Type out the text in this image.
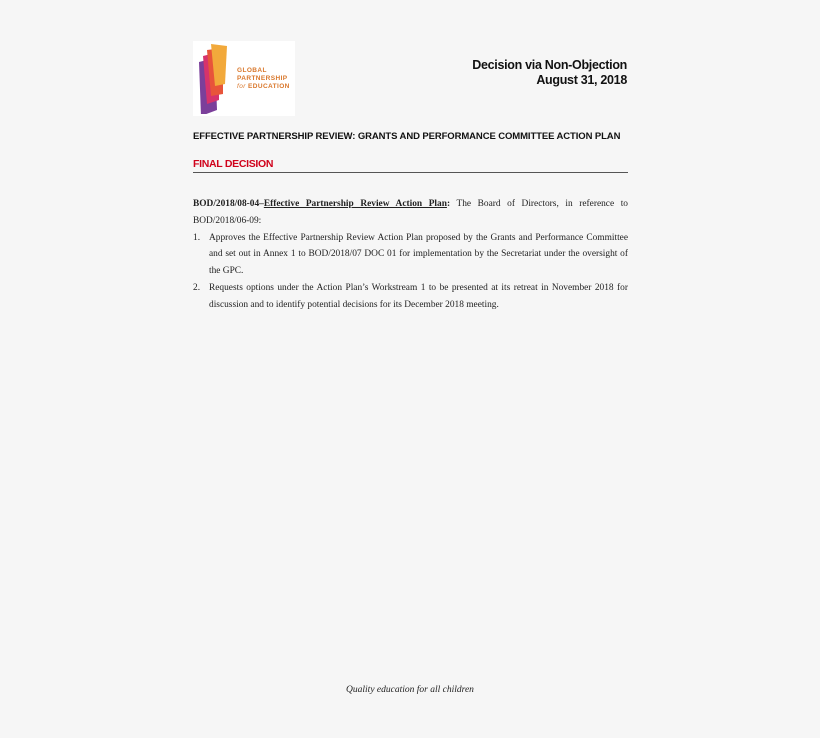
GLOBAL
PARTNERSHIP
for EDUCATION
Decision via Non-Objection
August 31, 2018
EFFECTIVE PARTNERSHIP REVIEW: GRANTS AND PERFORMANCE COMMITTEE ACTION PLAN
FINAL DECISION
BOD/2018/08-04–Effective Partnership Review Action Plan: The Board of Directors, in reference to BOD/2018/06-09:
1. Approves the Effective Partnership Review Action Plan proposed by the Grants and Performance Committee and set out in Annex 1 to BOD/2018/07 DOC 01 for implementation by the Secretariat under the oversight of the GPC.
2. Requests options under the Action Plan’s Workstream 1 to be presented at its retreat in November 2018 for discussion and to identify potential decisions for its December 2018 meeting.
Quality education for all children
